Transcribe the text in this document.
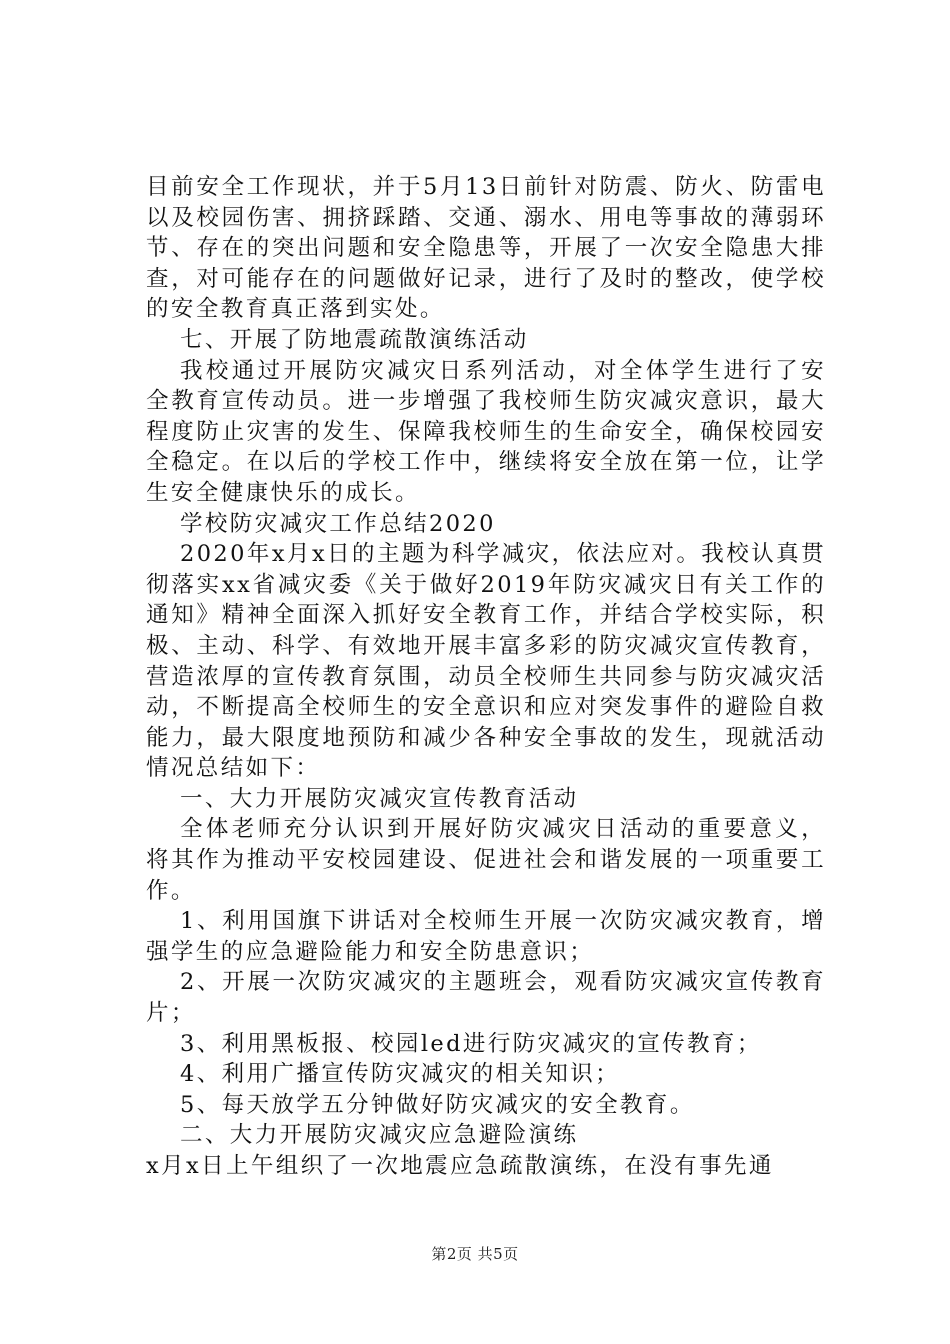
目前安全工作现状，并于5月13日前针对防震、防火、防雷电以及校园伤害、拥挤踩踏、交通、溺水、用电等事故的薄弱环节、存在的突出问题和安全隐患等，开展了一次安全隐患大排查，对可能存在的问题做好记录，进行了及时的整改，使学校的安全教育真正落到实处。

七、开展了防地震疏散演练活动

我校通过开展防灾减灾日系列活动，对全体学生进行了安全教育宣传动员。进一步增强了我校师生防灾减灾意识，最大程度防止灾害的发生、保障我校师生的生命安全，确保校园安全稳定。在以后的学校工作中，继续将安全放在第一位，让学生安全健康快乐的成长。

学校防灾减灾工作总结2020

2020年x月x日的主题为科学减灾，依法应对。我校认真贯彻落实xx省减灾委《关于做好2019年防灾减灾日有关工作的通知》精神全面深入抓好安全教育工作，并结合学校实际，积极、主动、科学、有效地开展丰富多彩的防灾减灾宣传教育，营造浓厚的宣传教育氛围，动员全校师生共同参与防灾减灾活动，不断提高全校师生的安全意识和应对突发事件的避险自救能力，最大限度地预防和减少各种安全事故的发生，现就活动情况总结如下：

一、大力开展防灾减灾宣传教育活动

全体老师充分认识到开展好防灾减灾日活动的重要意义，将其作为推动平安校园建设、促进社会和谐发展的一项重要工作。

1、利用国旗下讲话对全校师生开展一次防灾减灾教育，增强学生的应急避险能力和安全防患意识；

2、开展一次防灾减灾的主题班会，观看防灾减灾宣传教育片；

3、利用黑板报、校园led进行防灾减灾的宣传教育；

4、利用广播宣传防灾减灾的相关知识；

5、每天放学五分钟做好防灾减灾的安全教育。

二、大力开展防灾减灾应急避险演练

x月x日上午组织了一次地震应急疏散演练，在没有事先通

第2页 共5页
